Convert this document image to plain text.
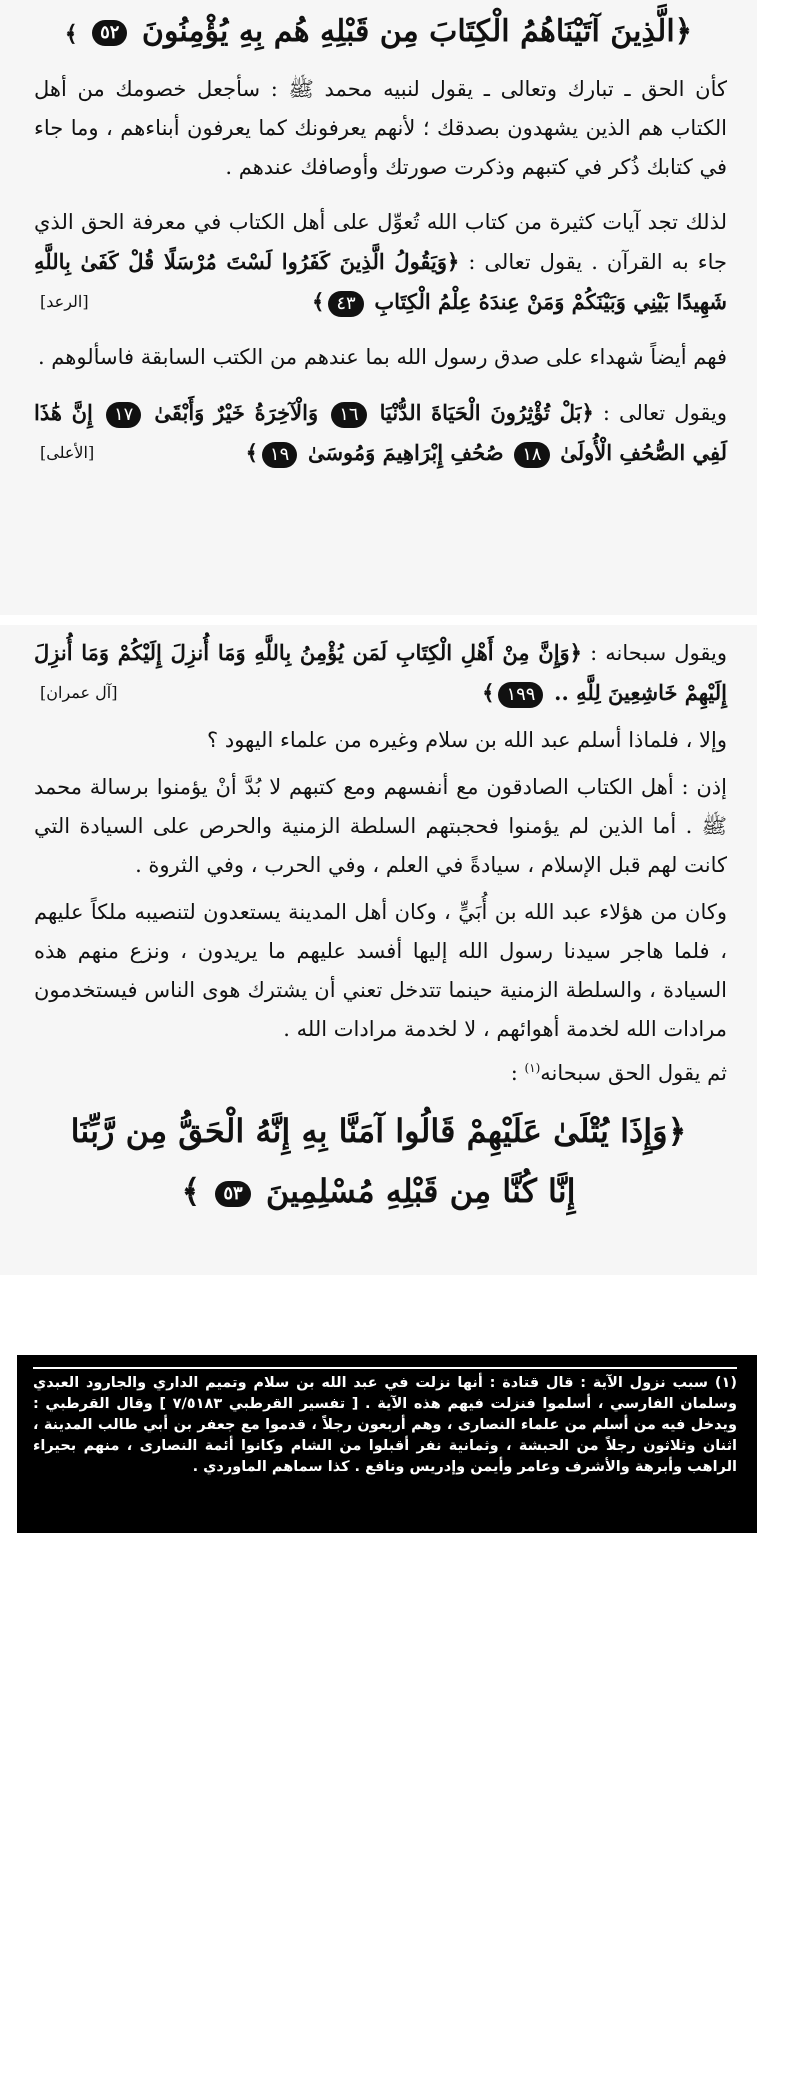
﴿الَّذِينَ آتَيْنَاهُمُ الْكِتَابَ مِن قَبْلِهِ هُم بِهِ يُؤْمِنُونَ ٥٢ ﴾

كأن الحق ـ تبارك وتعالى ـ يقول لنبيه محمد ﷺ : سأجعل خصومك من أهل الكتاب هم الذين يشهدون بصدقك ؛ لأنهم يعرفونك كما يعرفون أبناءهم ، وما جاء في كتابك ذُكر في كتبهم وذكرت صورتك وأوصافك عندهم .

لذلك تجد آيات كثيرة من كتاب الله تُعوِّل على أهل الكتاب في معرفة الحق الذي جاء به القرآن . يقول تعالى : ﴿وَيَقُولُ الَّذِينَ كَفَرُوا لَسْتَ مُرْسَلًا قُلْ كَفَىٰ بِاللَّهِ شَهِيدًا بَيْنِي وَبَيْنَكُمْ وَمَنْ عِندَهُ عِلْمُ الْكِتَابِ ٤٣﴾
[الرعد]

فهم أيضاً شهداء على صدق رسول الله بما عندهم من الكتب السابقة فاسألوهم .

ويقول تعالى : ﴿بَلْ تُؤْثِرُونَ الْحَيَاةَ الدُّنْيَا ١٦ وَالْآخِرَةُ خَيْرٌ وَأَبْقَىٰ ١٧ إِنَّ هَٰذَا لَفِي الصُّحُفِ الْأُولَىٰ ١٨ صُحُفِ إِبْرَاهِيمَ وَمُوسَىٰ ١٩﴾
[الأعلى]

ويقول سبحانه : ﴿وَإِنَّ مِنْ أَهْلِ الْكِتَابِ لَمَن يُؤْمِنُ بِاللَّهِ وَمَا أُنزِلَ إِلَيْكُمْ وَمَا أُنزِلَ إِلَيْهِمْ خَاشِعِينَ لِلَّهِ .. ١٩٩﴾
[آل عمران]

وإلا ، فلماذا أسلم عبد الله بن سلام وغيره من علماء اليهود ؟

إذن : أهل الكتاب الصادقون مع أنفسهم ومع كتبهم لا بُدَّ أنْ يؤمنوا برسالة محمد ﷺ . أما الذين لم يؤمنوا فحجبتهم السلطة الزمنية والحرص على السيادة التي كانت لهم قبل الإسلام ، سيادةً في العلم ، وفي الحرب ، وفي الثروة .

وكان من هؤلاء عبد الله بن أُبَيٍّ ، وكان أهل المدينة يستعدون لتنصيبه ملكاً عليهم ، فلما هاجر سيدنا رسول الله إليها أفسد عليهم ما يريدون ، ونزع منهم هذه السيادة ، والسلطة الزمنية حينما تتدخل تعني أن يشترك هوى الناس فيستخدمون مرادات الله لخدمة أهوائهم ، لا لخدمة مرادات الله .

ثم يقول الحق سبحانه$^{(١)}$ :

﴿وَإِذَا يُتْلَىٰ عَلَيْهِمْ قَالُوا آمَنَّا بِهِ إِنَّهُ الْحَقُّ مِن رَّبِّنَا
إِنَّا كُنَّا مِن قَبْلِهِ مُسْلِمِينَ ٥٣ ﴾

(١) سبب نزول الآية : قال قتادة : أنها نزلت في عبد الله بن سلام وتميم الداري والجارود العبدي وسلمان الفارسي ، أسلموا فنزلت فيهم هذه الآية . [ تفسير القرطبي ٧/٥١٨٣ ] وقال القرطبي : ويدخل فيه من أسلم من علماء النصارى ، وهم أربعون رجلاً ، قدموا مع جعفر بن أبي طالب المدينة ، اثنان وثلاثون رجلاً من الحبشة ، وثمانية نفر أقبلوا من الشام وكانوا أئمة النصارى ، منهم بحيراء الراهب وأبرهة والأشرف وعامر وأيمن وإدريس ونافع . كذا سماهم الماوردي .
